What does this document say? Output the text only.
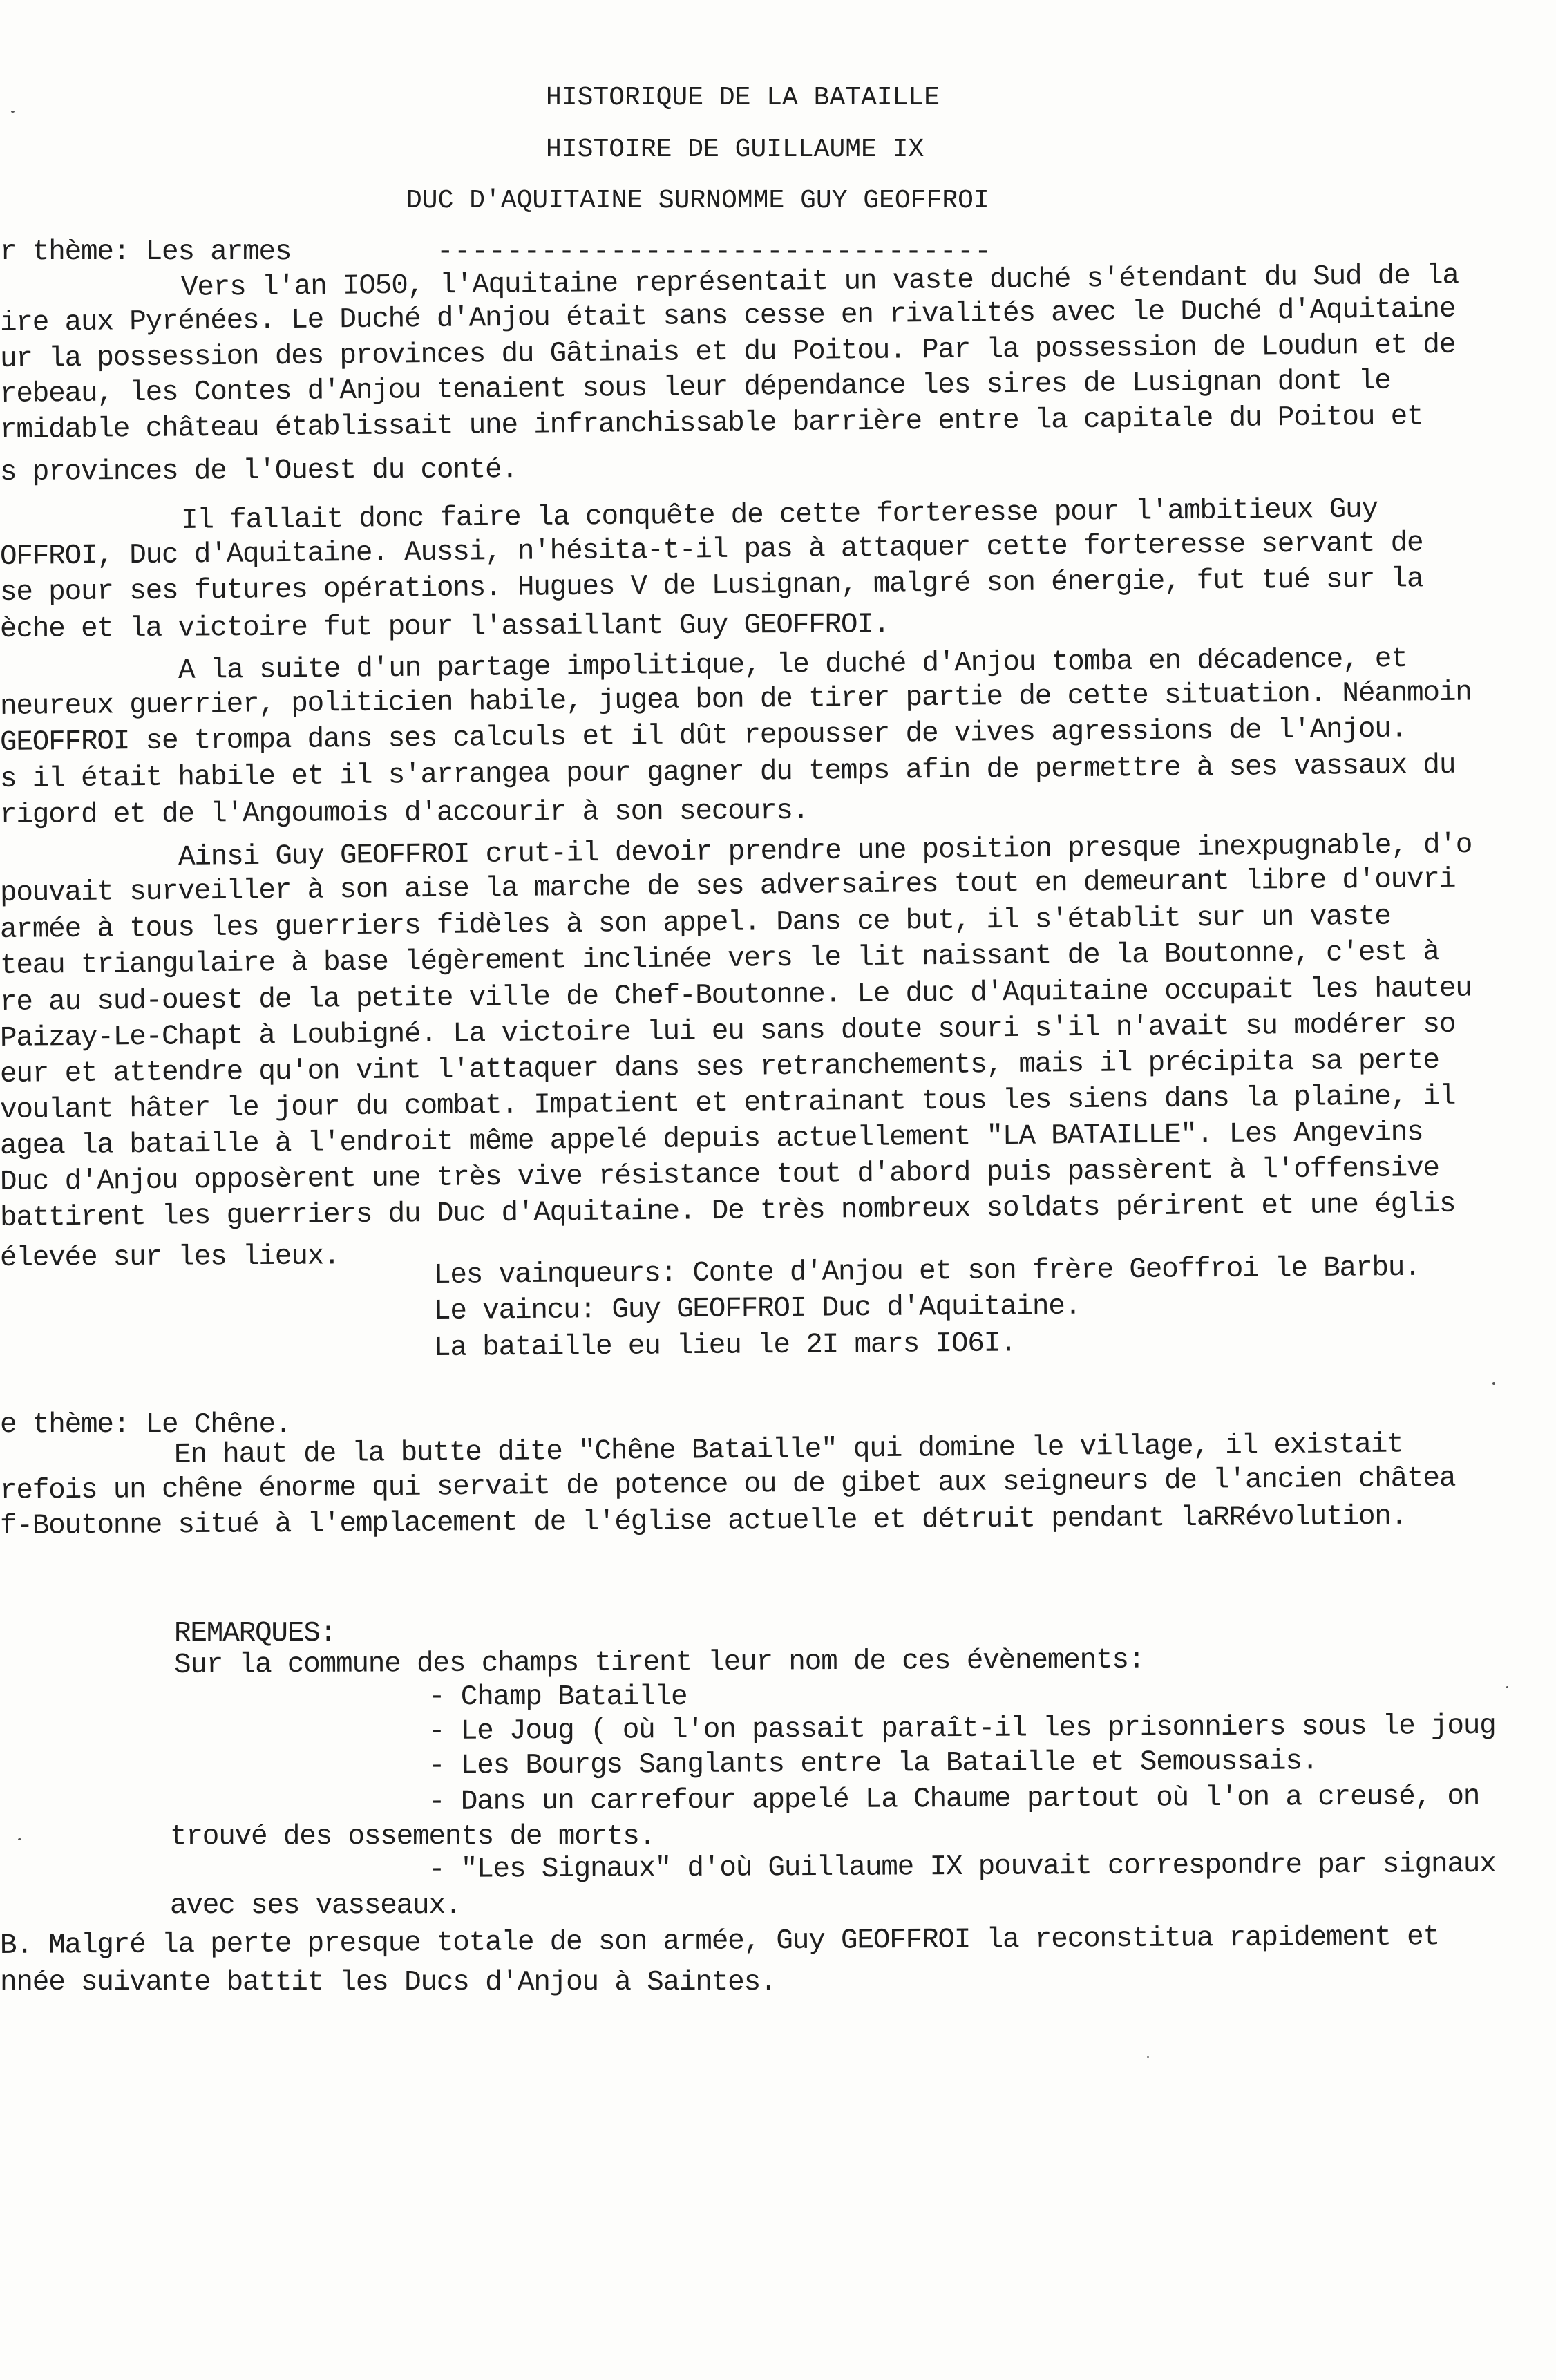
HISTORIQUE DE LA BATAILLE
HISTOIRE DE GUILLAUME IX
DUC D'AQUITAINE SURNOMME GUY GEOFFROI
r thème: Les armes	--------------------------------
Vers l'an IO50, l'Aquitaine représentait un vaste duché s'étendant du Sud de la
ire aux Pyrénées. Le Duché d'Anjou était sans cesse en rivalités avec le Duché d'Aquitaine
ur la possession des provinces du Gâtinais et du Poitou. Par la possession de Loudun et de
rebeau, les Contes d'Anjou tenaient sous leur dépendance les sires de Lusignan dont le
rmidable château établissait une infranchissable barrière entre la capitale du Poitou et
s provinces de l'Ouest du conté.
Il fallait donc faire la conquête de cette forteresse pour l'ambitieux Guy
OFFROI, Duc d'Aquitaine. Aussi, n'hésita-t-il pas à attaquer cette forteresse servant de
se pour ses futures opérations. Hugues V de Lusignan, malgré son énergie, fut tué sur la
èche et la victoire fut pour l'assaillant Guy GEOFFROI.
A la suite d'un partage impolitique, le duché d'Anjou tomba en décadence, et
neureux guerrier, politicien habile, jugea bon de tirer partie de cette situation. Néanmoin
GEOFFROI se trompa dans ses calculs et il dût repousser de vives agressions de l'Anjou.
s il était habile et il s'arrangea pour gagner du temps afin de permettre à ses vassaux du
rigord et de l'Angoumois d'accourir à son secours.
Ainsi Guy GEOFFROI crut-il devoir prendre une position presque inexpugnable, d'o
pouvait surveiller à son aise la marche de ses adversaires tout en demeurant libre d'ouvri
armée à tous les guerriers fidèles à son appel. Dans ce but, il s'établit sur un vaste
teau triangulaire à base légèrement inclinée vers le lit naissant de la Boutonne, c'est à
re au sud-ouest de la petite ville de Chef-Boutonne. Le duc d'Aquitaine occupait les hauteu
Paizay-Le-Chapt à Loubigné. La victoire lui eu sans doute souri s'il n'avait su modérer so
eur et attendre qu'on vint l'attaquer dans ses retranchements, mais il précipita sa perte
voulant hâter le jour du combat. Impatient et entrainant tous les siens dans la plaine, il
agea la bataille à l'endroit même appelé depuis actuellement "LA BATAILLE". Les Angevins
Duc d'Anjou opposèrent une très vive résistance tout d'abord puis passèrent à l'offensive
battirent les guerriers du Duc d'Aquitaine. De très nombreux soldats périrent et une églis
élevée sur les lieux.	Les vainqueurs: Conte d'Anjou et son frère Geoffroi le Barbu.
Le vaincu: Guy GEOFFROI Duc d'Aquitaine.
La bataille eu lieu le 2I mars IO6I.
e thème: Le Chêne.
En haut de la butte dite "Chêne Bataille" qui domine le village, il existait
refois un chêne énorme qui servait de potence ou de gibet aux seigneurs de l'ancien châtea
f-Boutonne situé à l'emplacement de l'église actuelle et détruit pendant laRRévolution.
REMARQUES:
Sur la commune des champs tirent leur nom de ces évènements:
- Champ Bataille
- Le Joug ( où l'on passait paraît-il les prisonniers sous le joug
- Les Bourgs Sanglants entre la Bataille et Semoussais.
- Dans un carrefour appelé La Chaume partout où l'on a creusé, on
trouvé des ossements de morts.
- "Les Signaux" d'où Guillaume IX pouvait correspondre par signaux
avec ses vasseaux.
B. Malgré la perte presque totale de son armée, Guy GEOFFROI la reconstitua rapidement et
nnée suivante battit les Ducs d'Anjou à Saintes.
